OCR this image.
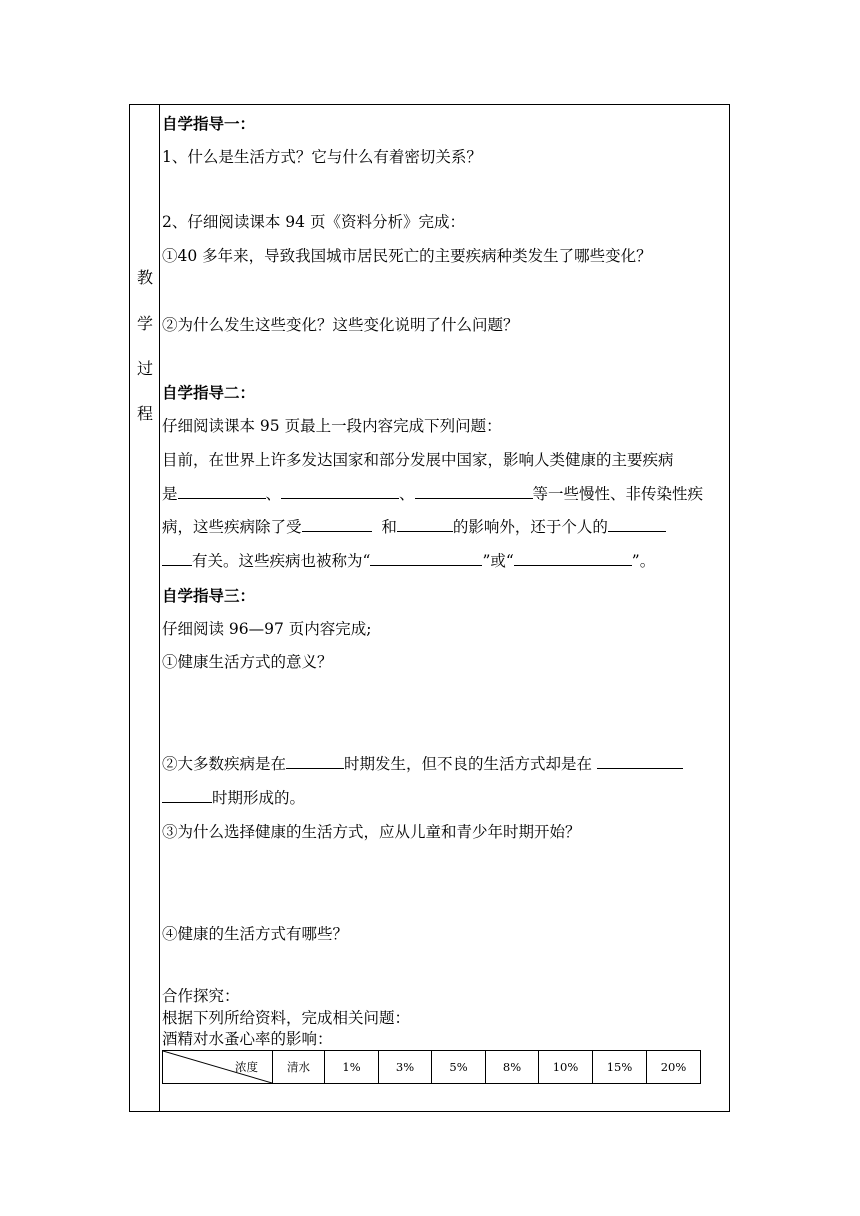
教
学
过
程
自学指导一：
1、什么是生活方式？它与什么有着密切关系？
2、仔细阅读课本 94 页《资料分析》完成：
①40 多年来，导致我国城市居民死亡的主要疾病种类发生了哪些变化？
②为什么发生这些变化？这些变化说明了什么问题？
自学指导二：
仔细阅读课本 95 页最上一段内容完成下列问题：
目前，在世界上许多发达国家和部分发展中国家，影响人类健康的主要疾病
是	、	、	等一些慢性、非传染性疾
病，这些疾病除了受	和	的影响外，还于个人的
有关。这些疾病也被称为“	”或“	”。
自学指导三：
仔细阅读 96—97 页内容完成;
①健康生活方式的意义？
②大多数疾病是在	时期发生，但不良的生活方式却是在
时期形成的。
③为什么选择健康的生活方式，应从儿童和青少年时期开始？
④健康的生活方式有哪些？
合作探究：
根据下列所给资料，完成相关问题：
酒精对水蚤心率的影响：
浓度	清水	1%	3%	5%	8%	10%	15%	20%
